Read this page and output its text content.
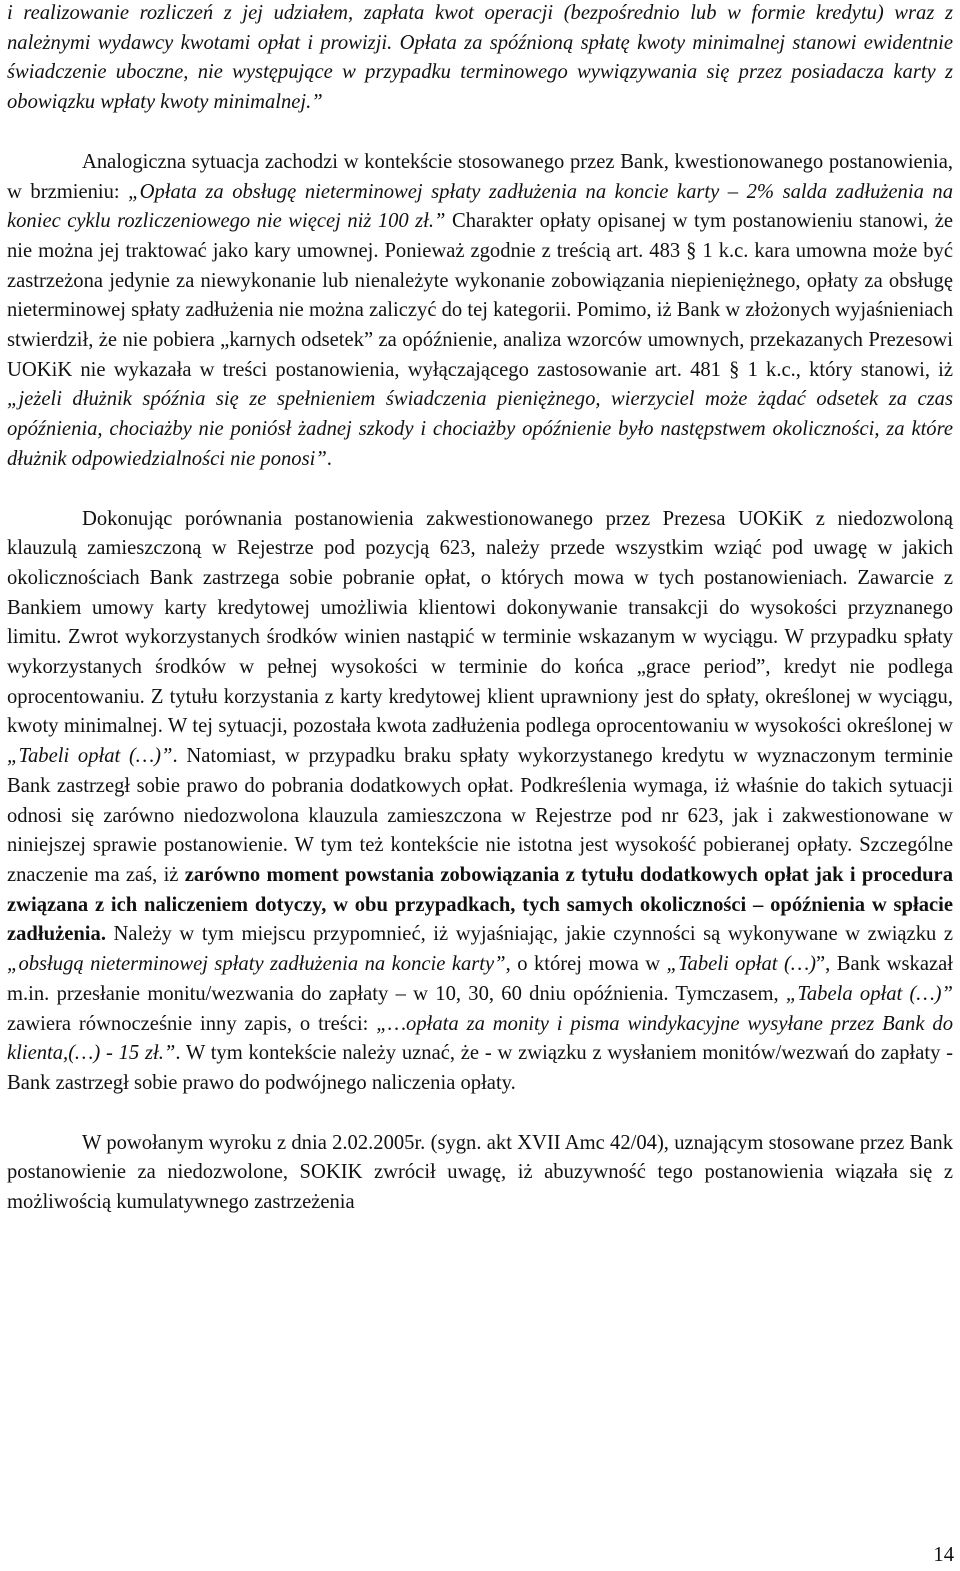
i realizowanie rozliczeń z jej udziałem, zapłata kwot operacji (bezpośrednio lub w formie kredytu) wraz z należnymi wydawcy kwotami opłat i prowizji. Opłata za spóźnioną spłatę kwoty minimalnej stanowi ewidentnie świadczenie uboczne, nie występujące w przypadku terminowego wywiązywania się przez posiadacza karty z obowiązku wpłaty kwoty minimalnej.”

Analogiczna sytuacja zachodzi w kontekście stosowanego przez Bank, kwestionowanego postanowienia, w brzmieniu: „Opłata za obsługę nieterminowej spłaty zadłużenia na koncie karty – 2% salda zadłużenia na koniec cyklu rozliczeniowego nie więcej niż 100 zł.” Charakter opłaty opisanej w tym postanowieniu stanowi, że nie można jej traktować jako kary umownej. Ponieważ zgodnie z treścią art. 483 § 1 k.c. kara umowna może być zastrzeżona jedynie za niewykonanie lub nienależyte wykonanie zobowiązania niepieniężnego, opłaty za obsługę nieterminowej spłaty zadłużenia nie można zaliczyć do tej kategorii. Pomimo, iż Bank w złożonych wyjaśnieniach stwierdził, że nie pobiera „karnych odsetek” za opóźnienie, analiza wzorców umownych, przekazanych Prezesowi UOKiK nie wykazała w treści postanowienia, wyłączającego zastosowanie art. 481 § 1 k.c., który stanowi, iż „jeżeli dłużnik spóźnia się ze spełnieniem świadczenia pieniężnego, wierzyciel może żądać odsetek za czas opóźnienia, chociażby nie poniósł żadnej szkody i chociażby opóźnienie było następstwem okoliczności, za które dłużnik odpowiedzialności nie ponosi”.

Dokonując porównania postanowienia zakwestionowanego przez Prezesa UOKiK z niedozwoloną klauzulą zamieszczoną w Rejestrze pod pozycją 623, należy przede wszystkim wziąć pod uwagę w jakich okolicznościach Bank zastrzega sobie pobranie opłat, o których mowa w tych postanowieniach. Zawarcie z Bankiem umowy karty kredytowej umożliwia klientowi dokonywanie transakcji do wysokości przyznanego limitu. Zwrot wykorzystanych środków winien nastąpić w terminie wskazanym w wyciągu. W przypadku spłaty wykorzystanych środków w pełnej wysokości w terminie do końca „grace period”, kredyt nie podlega oprocentowaniu. Z tytułu korzystania z karty kredytowej klient uprawniony jest do spłaty, określonej w wyciągu, kwoty minimalnej. W tej sytuacji, pozostała kwota zadłużenia podlega oprocentowaniu w wysokości określonej w „Tabeli opłat (…)”. Natomiast, w przypadku braku spłaty wykorzystanego kredytu w wyznaczonym terminie Bank zastrzegł sobie prawo do pobrania dodatkowych opłat. Podkreślenia wymaga, iż właśnie do takich sytuacji odnosi się zarówno niedozwolona klauzula zamieszczona w Rejestrze pod nr 623, jak i zakwestionowane w niniejszej sprawie postanowienie. W tym też kontekście nie istotna jest wysokość pobieranej opłaty. Szczególne znaczenie ma zaś, iż zarówno moment powstania zobowiązania z tytułu dodatkowych opłat jak i procedura związana z ich naliczeniem dotyczy, w obu przypadkach, tych samych okoliczności – opóźnienia w spłacie zadłużenia. Należy w tym miejscu przypomnieć, iż wyjaśniając, jakie czynności są wykonywane w związku z „obsługą nieterminowej spłaty zadłużenia na koncie karty”, o której mowa w „Tabeli opłat (…)”, Bank wskazał m.in. przesłanie monitu/wezwania do zapłaty – w 10, 30, 60 dniu opóźnienia. Tymczasem, „Tabela opłat (…)” zawiera równocześnie inny zapis, o treści: „…opłata za monity i pisma windykacyjne wysyłane przez Bank do klienta,(…) - 15 zł.”. W tym kontekście należy uznać, że - w związku z wysłaniem monitów/wezwań do zapłaty - Bank zastrzegł sobie prawo do podwójnego naliczenia opłaty.

W powołanym wyroku z dnia 2.02.2005r. (sygn. akt XVII Amc 42/04), uznającym stosowane przez Bank postanowienie za niedozwolone, SOKIK zwrócił uwagę, iż abuzywność tego postanowienia wiązała się z możliwością kumulatywnego zastrzeżenia

14
